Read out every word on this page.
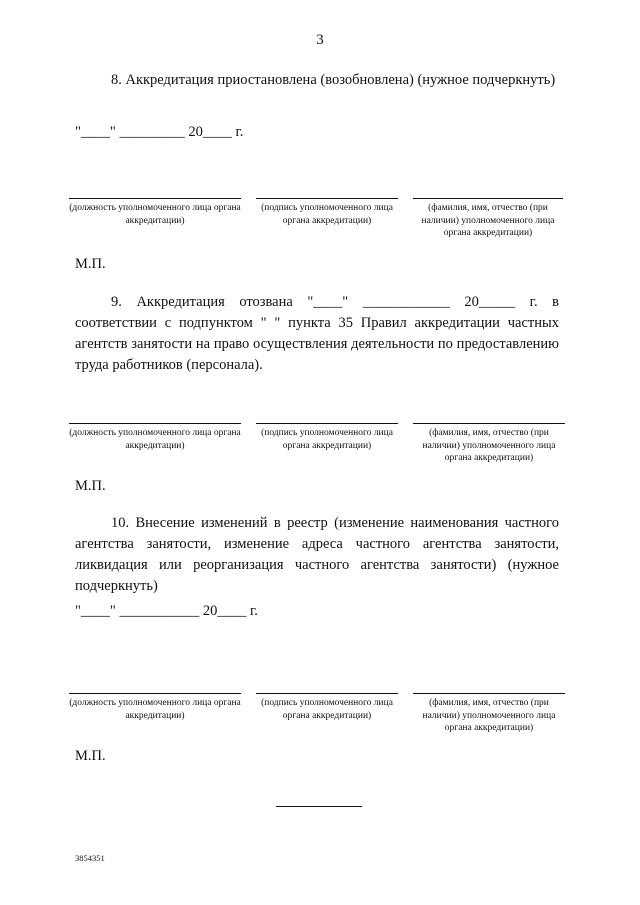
3
8. Аккредитация приостановлена (возобновлена) (нужное подчеркнуть)
"____" _________ 20____ г.
(должность уполномоченного лица органа аккредитации)
(подпись уполномоченного лица органа аккредитации)
(фамилия, имя, отчество (при наличии) уполномоченного лица органа аккредитации)
М.П.
9. Аккредитация отозвана "____" ____________ 20_____ г. в соответствии с подпунктом " " пункта 35 Правил аккредитации частных агентств занятости на право осуществления деятельности по предоставлению труда работников (персонала).
(должность уполномоченного лица органа аккредитации)
(подпись уполномоченного лица органа аккредитации)
(фамилия, имя, отчество (при наличии) уполномоченного лица органа аккредитации)
М.П.
10. Внесение изменений в реестр (изменение наименования частного агентства занятости, изменение адреса частного агентства занятости, ликвидация или реорганизация частного агентства занятости) (нужное подчеркнуть)
"____" ___________ 20____ г.
(должность уполномоченного лица органа аккредитации)
(подпись уполномоченного лица органа аккредитации)
(фамилия, имя, отчество (при наличии) уполномоченного лица органа аккредитации)
М.П.
3854351
